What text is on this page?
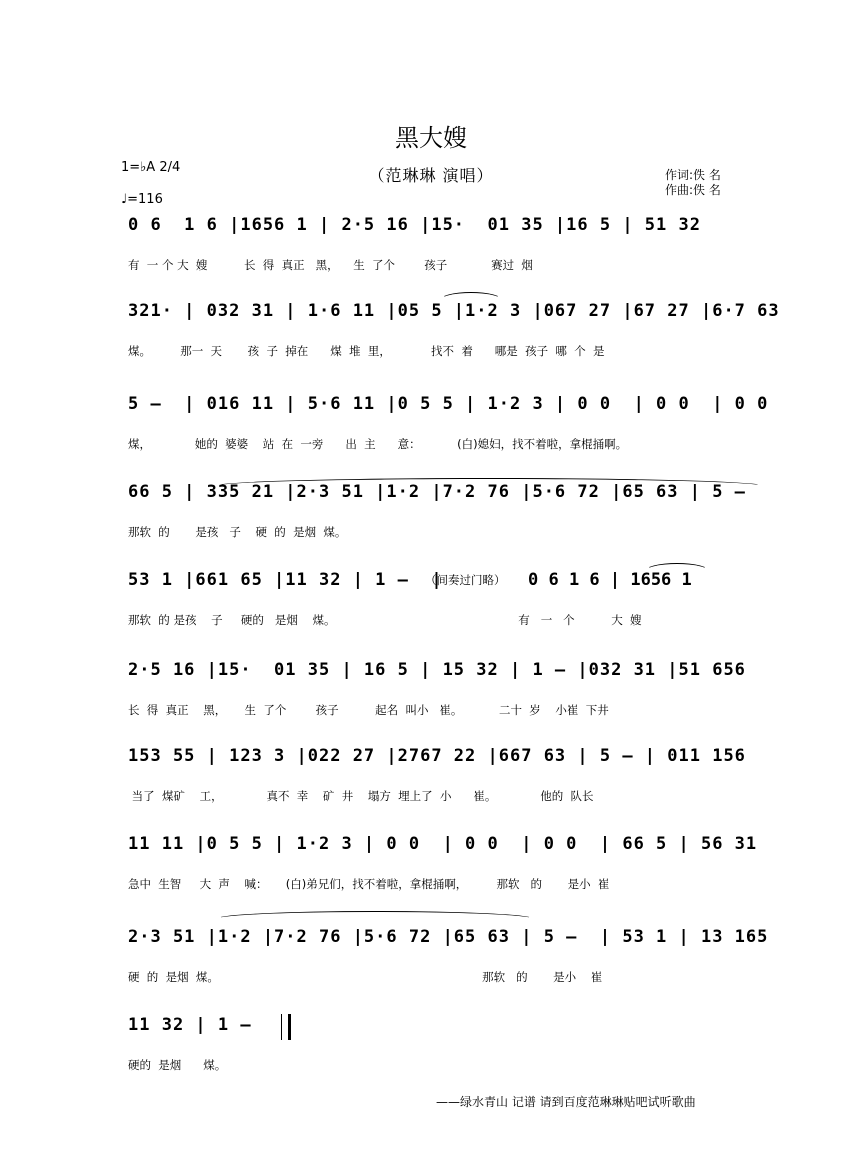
黑大嫂
（范琳琳 演唱）	作词:佚 名
作曲:佚 名
1=♭A 2/4
♩=116
0 6  1 6 |1656 1 | 2·5 16 |15·  01 35 |16 5 | 51 32
有  一 个 大  嫂          长  得  真正   黑，    生  了个        孩子            赛过  烟
321· | 032 31 | 1·6 11 |05 5 |1·2 3 |067 27 |67 27 |6·7 63
煤。        那一  天       孩  子  掉在      煤  堆  里，           找不  着      哪是  孩子  哪  个  是
5 —  | 016 11 | 5·6 11 |0 5 5 | 1·2 3 | 0 0  | 0 0  | 0 0
煤，            她的  婆婆    站  在  一旁      出  主      意：          (白)媳妇，找不着啦，拿棍捅啊。
66 5 | 335 21 |2·3 51 |1·2 |7·2 76 |5·6 72 |65 63 | 5 —
那软  的       是孩   子    硬  的  是烟  煤。
53 1 |661 65 |11 32 | 1 —  |
（间奏过门略） 0 6 1 6 | 1656 1
那软  的 是孩    子     硬的   是烟    煤。                                                  有   一   个          大  嫂
2·5 16 |15·  01 35 | 16 5 | 15 32 | 1 — |032 31 |51 656
长  得  真正    黑，     生  了个        孩子          起名  叫小   崔。          二十  岁    小崔  下井
153 55 | 123 3 |022 27 |2767 22 |667 63 | 5 — | 011 156
当了  煤矿    工，            真不  幸    矿  井    塌方  埋上了  小      崔。            他的  队长
11 11 |0 5 5 | 1·2 3 | 0 0  | 0 0  | 0 0  | 66 5 | 56 31
急中  生智     大  声    喊：     (白)弟兄们，找不着啦，拿棍捅啊，        那软   的       是小  崔
2·3 51 |1·2 |7·2 76 |5·6 72 |65 63 | 5 —  | 53 1 | 13 165
硬  的  是烟  煤。                                                                        那软   的       是小    崔
11 32 | 1 —
硬的  是烟      煤。
——绿水青山 记谱 请到百度范琳琳贴吧试听歌曲
